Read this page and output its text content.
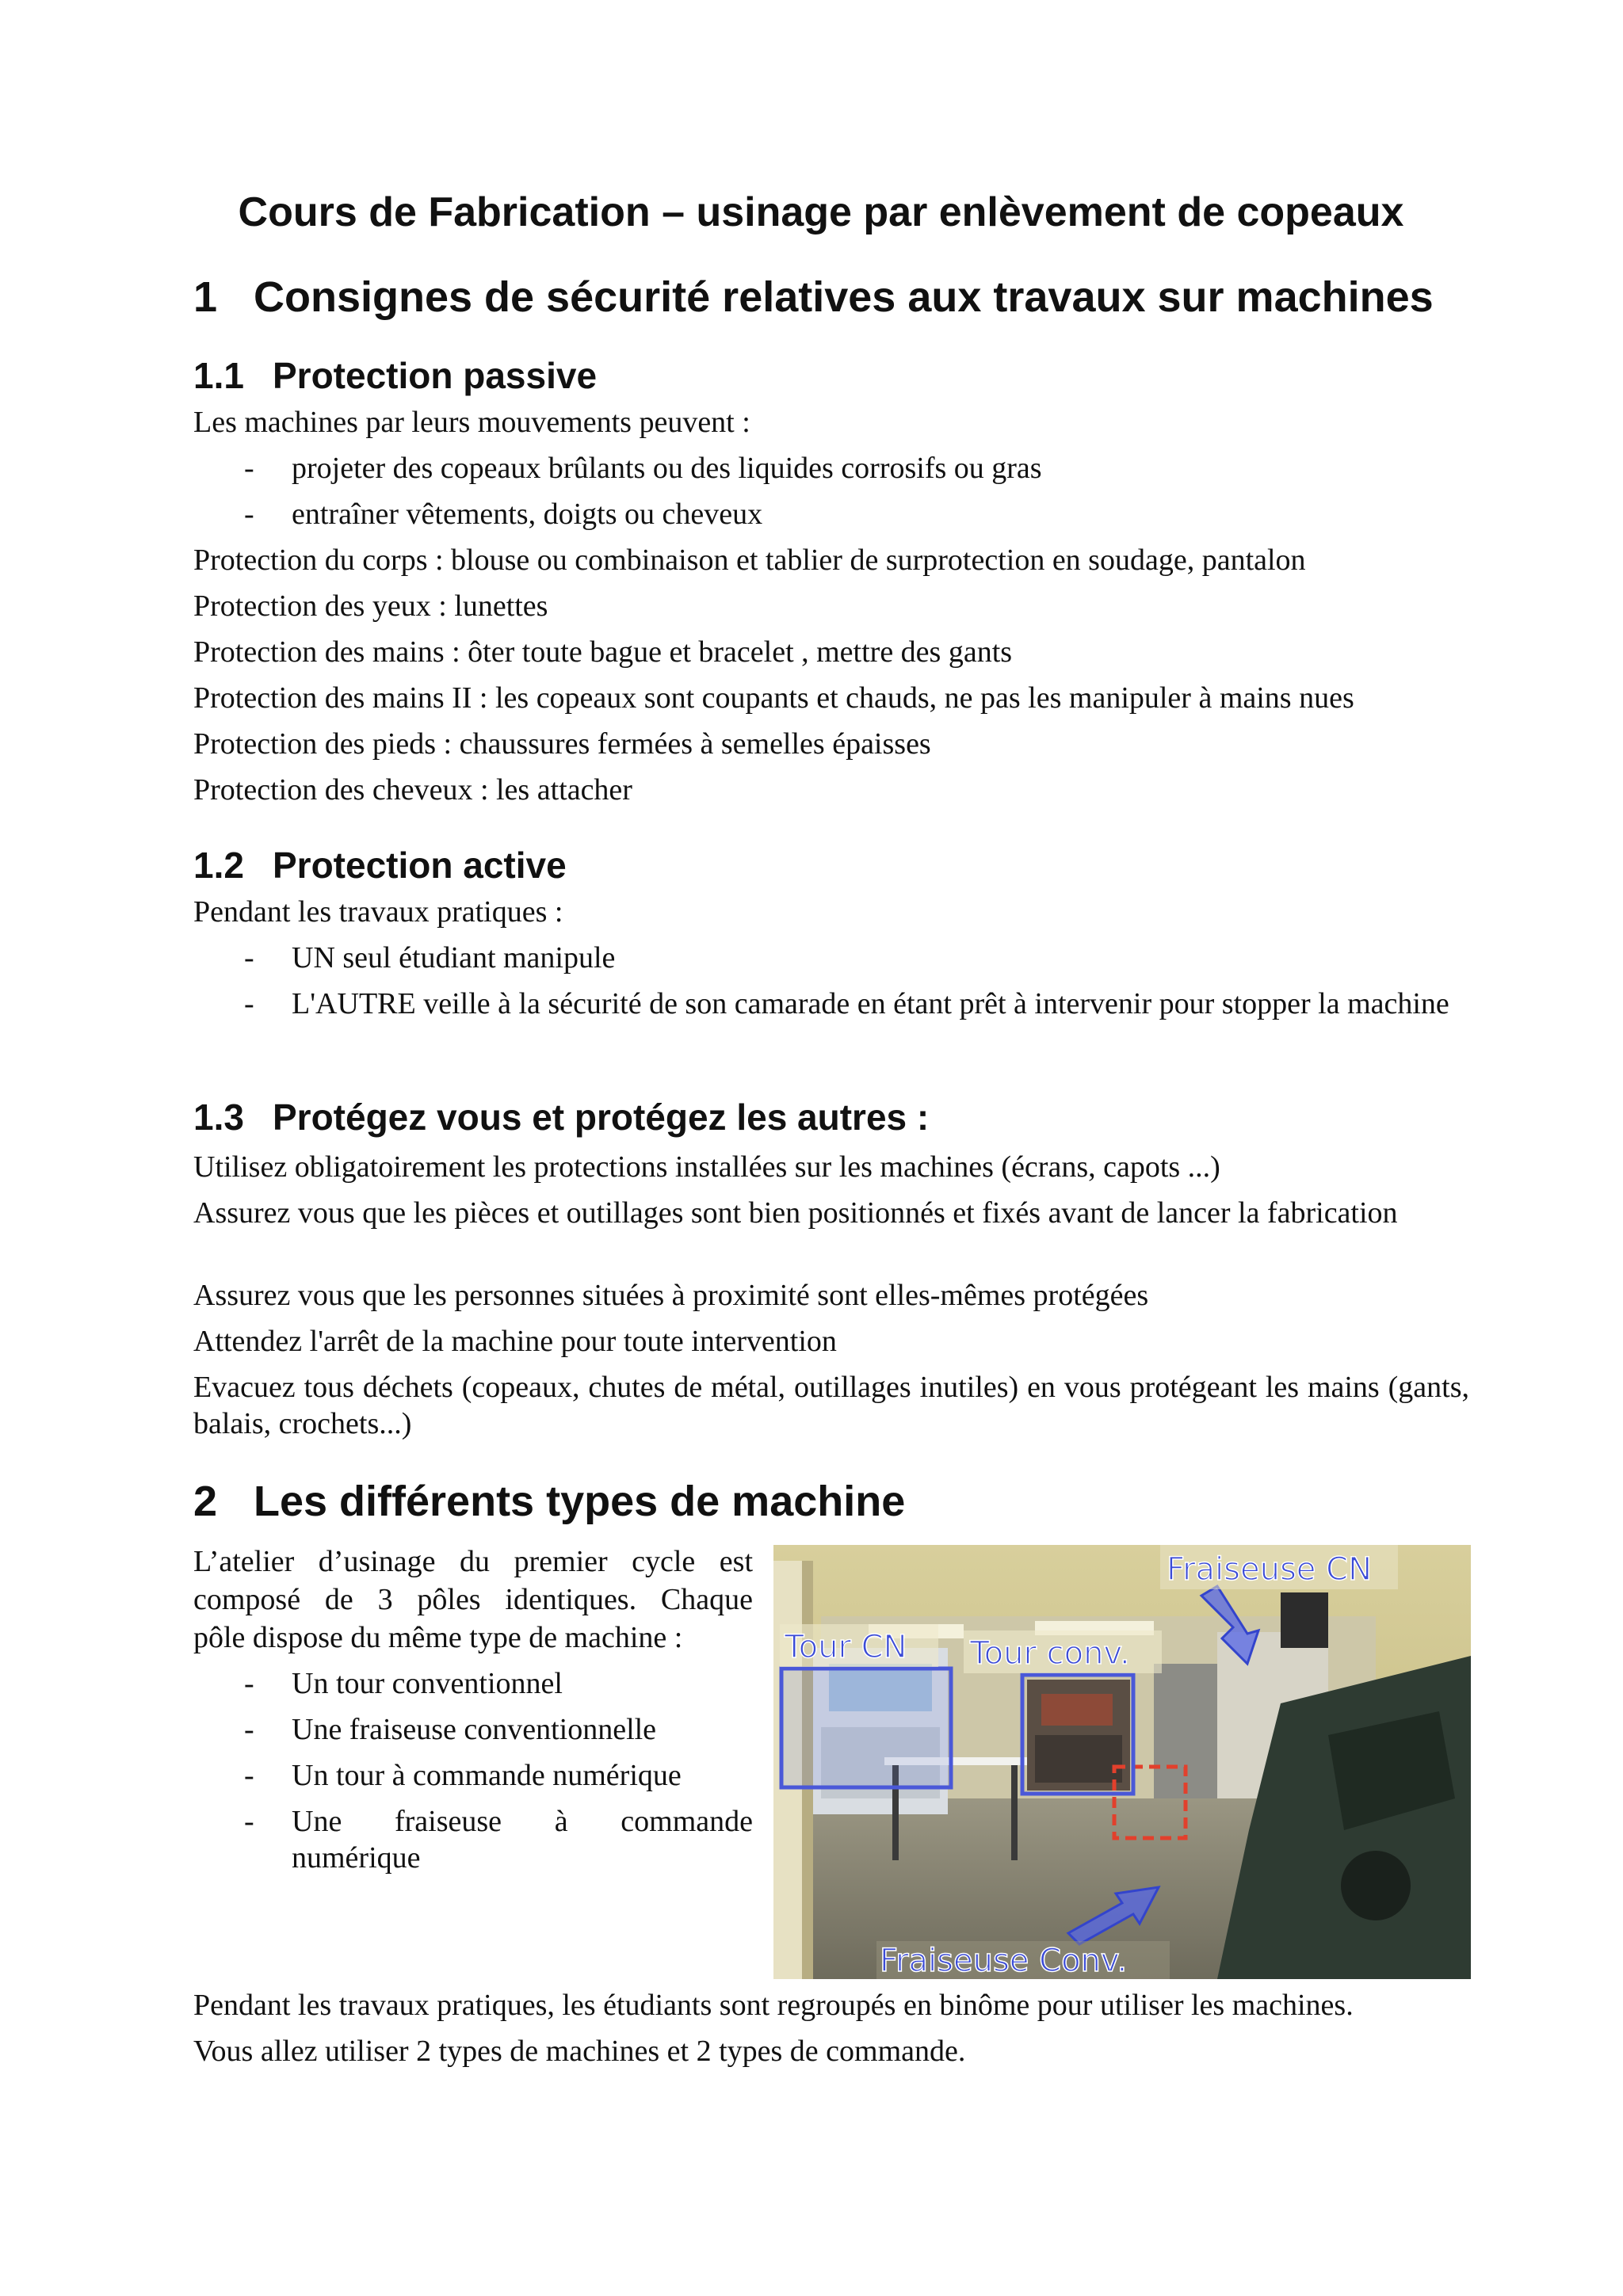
Cours de Fabrication – usinage par enlèvement de copeaux
1 Consignes de sécurité relatives aux travaux sur machines
1.1 Protection passive
Les machines par leurs mouvements peuvent :
- projeter des copeaux brûlants ou des liquides corrosifs ou gras
- entraîner vêtements, doigts ou cheveux
Protection du corps : blouse ou combinaison et tablier de surprotection en soudage, pantalon
Protection des yeux : lunettes
Protection des mains : ôter toute bague et bracelet , mettre des gants
Protection des mains II : les copeaux sont coupants et chauds, ne pas les manipuler à mains nues
Protection des pieds : chaussures fermées à semelles épaisses
Protection des cheveux : les attacher
1.2 Protection active
Pendant les travaux pratiques :
- UN seul étudiant manipule
- L'AUTRE veille à la sécurité de son camarade en étant prêt à intervenir pour stopper la machine
1.3 Protégez vous et protégez les autres :
Utilisez obligatoirement les protections installées sur les machines (écrans, capots ...)
Assurez vous que les pièces et outillages sont bien positionnés et fixés avant de lancer la fabrication
Assurez vous que les personnes situées à proximité sont elles-mêmes protégées
Attendez l'arrêt de la machine pour toute intervention
Evacuez tous déchets (copeaux, chutes de métal, outillages inutiles) en vous protégeant les mains (gants, balais, crochets...)
2 Les différents types de machine
L’atelier d’usinage du premier cycle est
composé de 3 pôles identiques. Chaque
pôle dispose du même type de machine :
- Un tour conventionnel
- Une fraiseuse conventionnelle
- Un tour à commande numérique
- Une fraiseuse à commande numérique
Fraiseuse CN
Tour CN Tour conv.
Fraiseuse Conv.
Pendant les travaux pratiques, les étudiants sont regroupés en binôme pour utiliser les machines.
Vous allez utiliser 2 types de machines et 2 types de commande.
